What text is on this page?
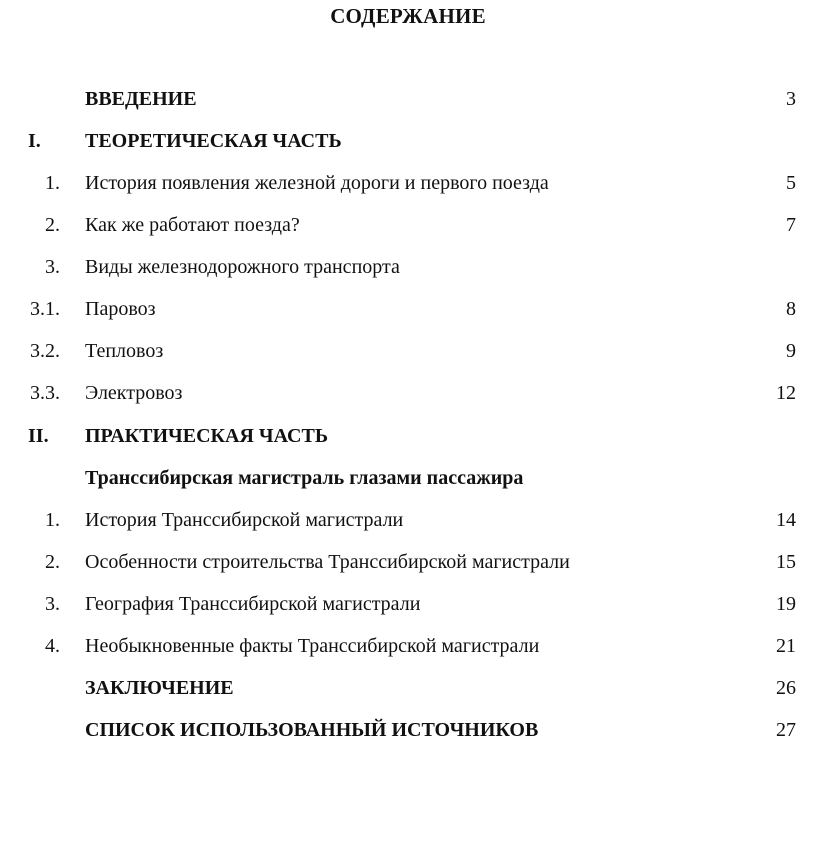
СОДЕРЖАНИЕ
ВВЕДЕНИЕ	3
I.	ТЕОРЕТИЧЕСКАЯ ЧАСТЬ
1. История появления железной дороги и первого поезда	5
2. Как же работают поезда?	7
3. Виды железнодорожного транспорта
3.1. Паровоз	8
3.2. Тепловоз	9
3.3. Электровоз	12
II.	ПРАКТИЧЕСКАЯ ЧАСТЬ
Транссибирская магистраль глазами пассажира
1. История Транссибирской магистрали	14
2. Особенности строительства Транссибирской магистрали	15
3. География Транссибирской магистрали	19
4. Необыкновенные факты Транссибирской магистрали	21
ЗАКЛЮЧЕНИЕ	26
СПИСОК ИСПОЛЬЗОВАННЫЙ ИСТОЧНИКОВ	27
